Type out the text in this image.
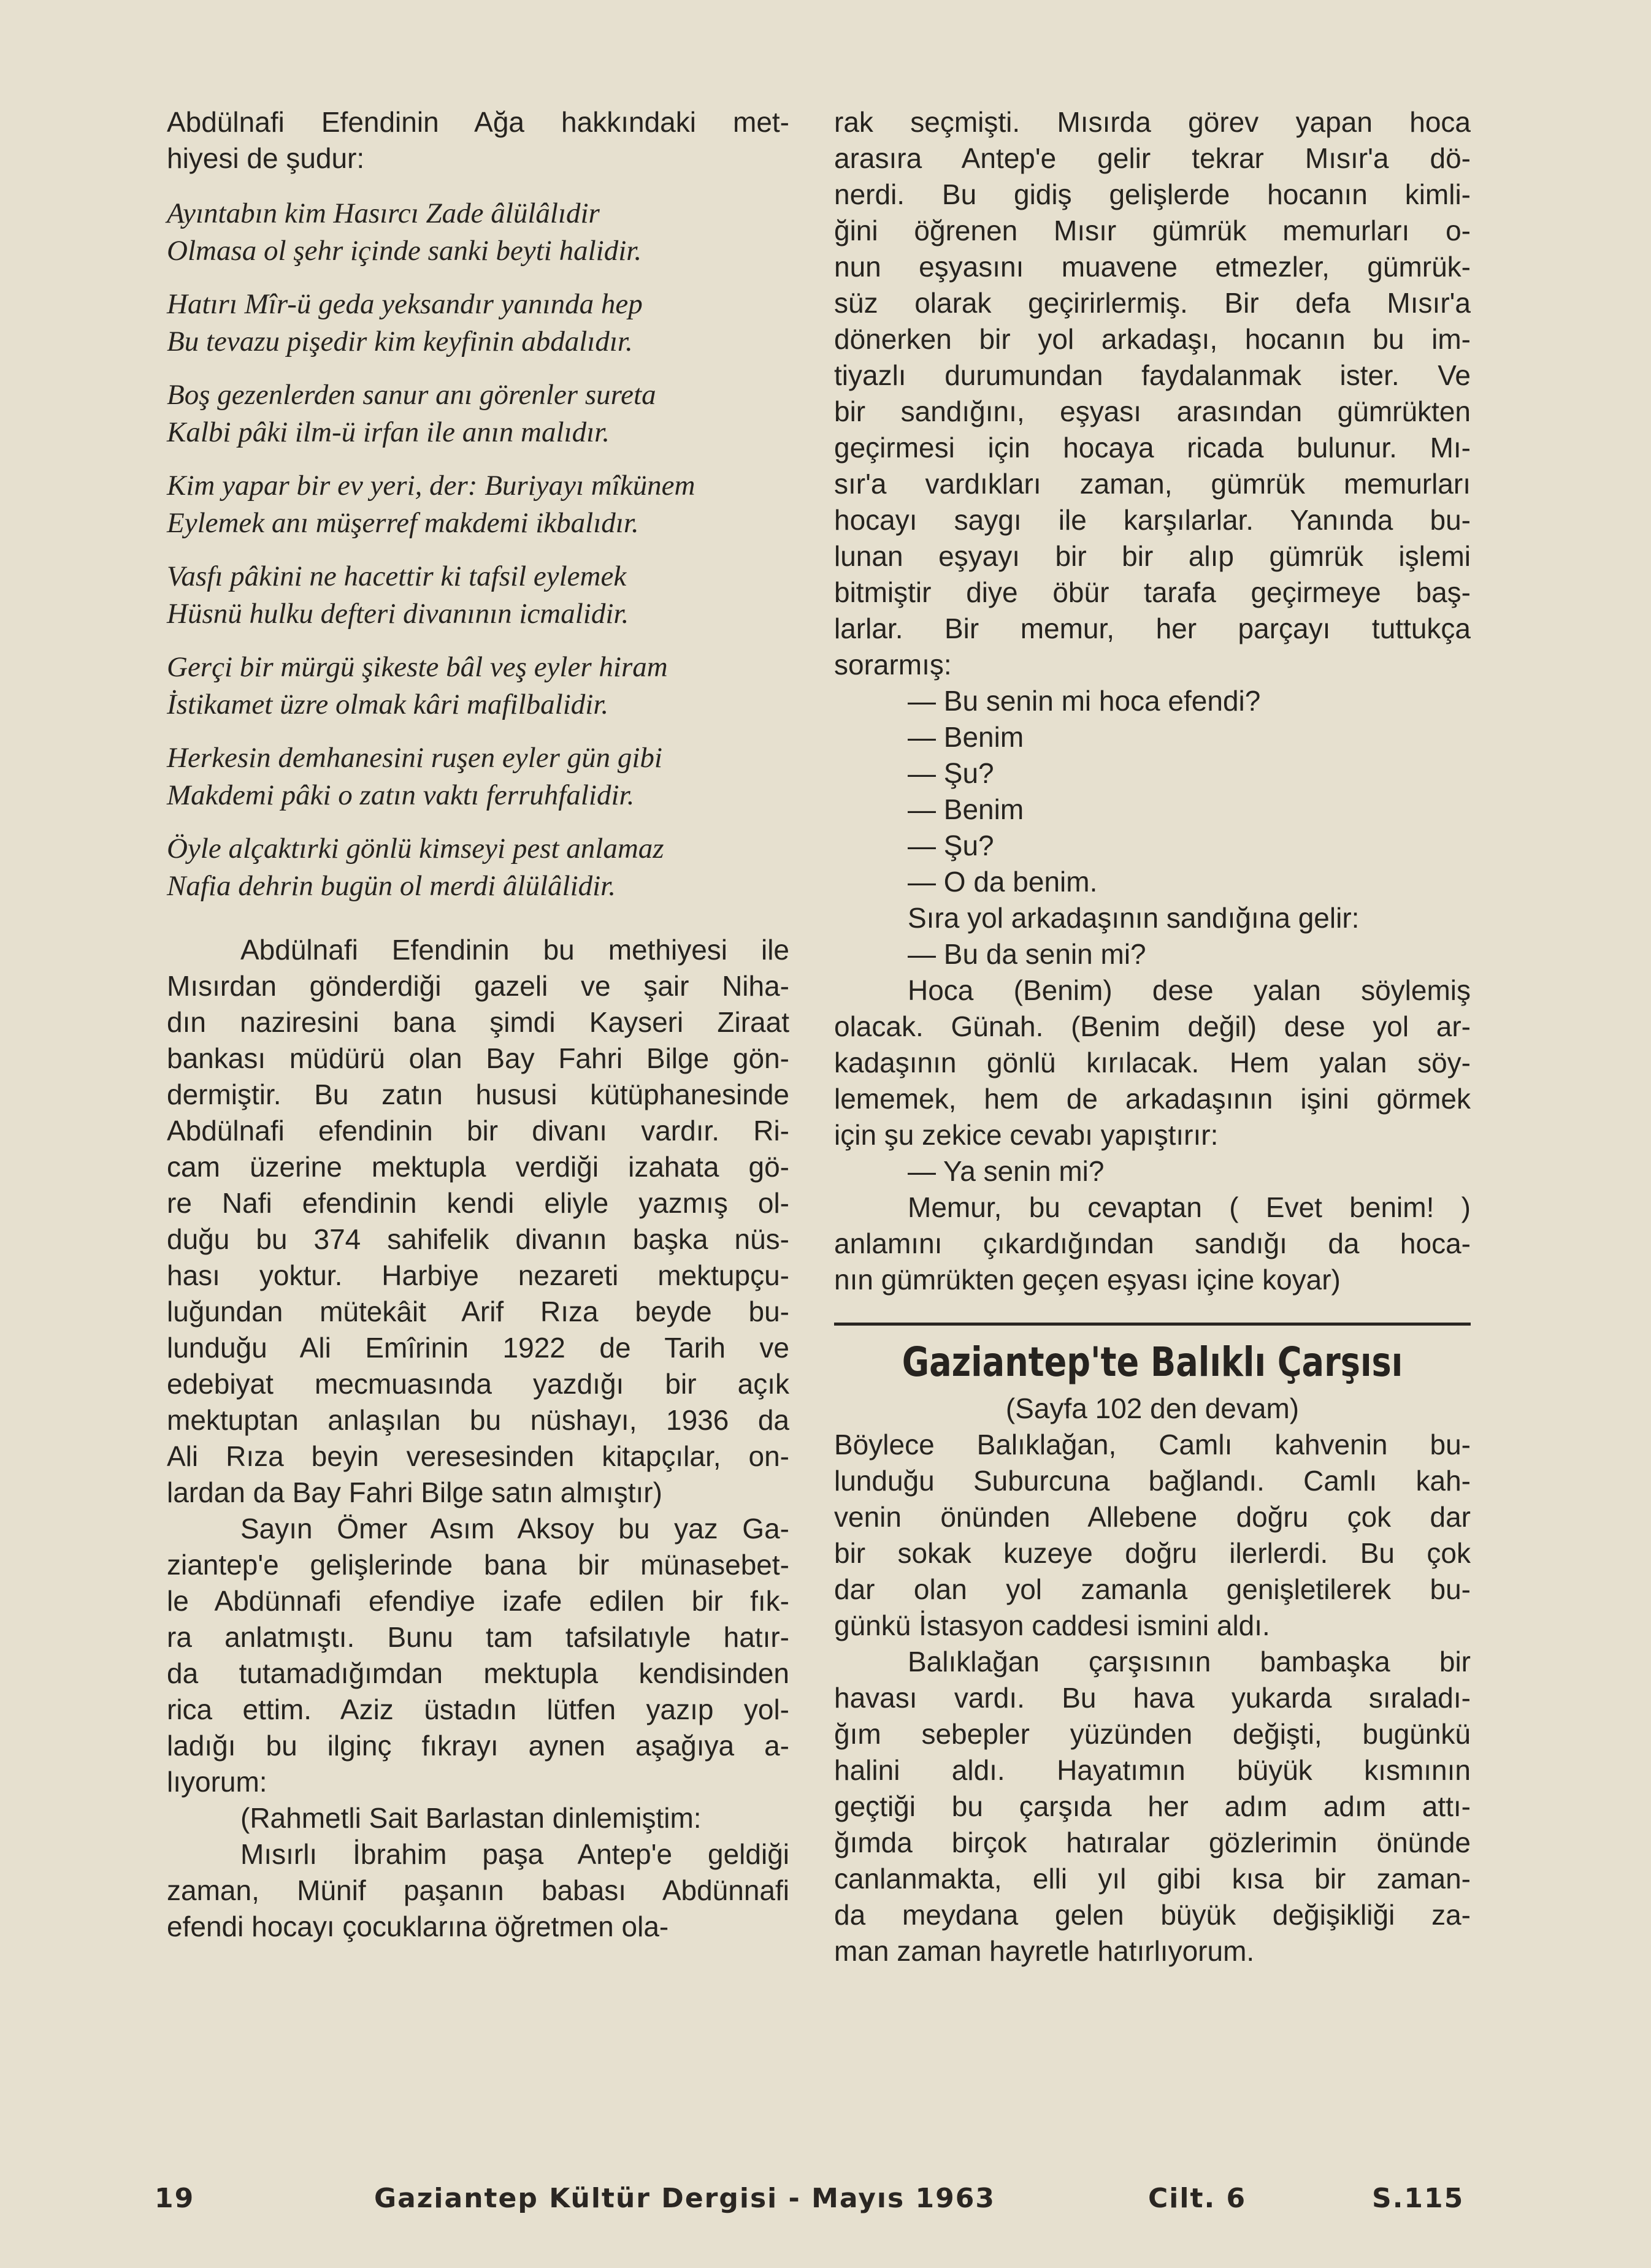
Abdülnafi Efendinin Ağa hakkındaki met-
hiyesi de şudur:
Ayıntabın kim Hasırcı Zade âlülâlıdir
Olmasa ol şehr içinde sanki beyti halidir.
Hatırı Mîr-ü geda yeksandır yanında hep
Bu tevazu pişedir kim keyfinin abdalıdır.
Boş gezenlerden sanur anı görenler sureta
Kalbi pâki ilm-ü irfan ile anın malıdır.
Kim yapar bir ev yeri, der: Buriyayı mîkünem
Eylemek anı müşerref makdemi ikbalıdır.
Vasfı pâkini ne hacettir ki tafsil eylemek
Hüsnü hulku defteri divanının icmalidir.
Gerçi bir mürgü şikeste bâl veş eyler hiram
İstikamet üzre olmak kâri mafilbalidir.
Herkesin demhanesini ruşen eyler gün gibi
Makdemi pâki o zatın vaktı ferruhfalidir.
Öyle alçaktırki gönlü kimseyi pest anlamaz
Nafia dehrin bugün ol merdi âlülâlidir.
Abdülnafi Efendinin bu methiyesi ile
Mısırdan gönderdiği gazeli ve şair Niha-
dın naziresini bana şimdi Kayseri Ziraat
bankası müdürü olan Bay Fahri Bilge gön-
dermiştir. Bu zatın hususi kütüphanesinde
Abdülnafi efendinin bir divanı vardır. Ri-
cam üzerine mektupla verdiği izahata gö-
re Nafi efendinin kendi eliyle yazmış ol-
duğu bu 374 sahifelik divanın başka nüs-
hası yoktur. Harbiye nezareti mektupçu-
luğundan mütekâit Arif Rıza beyde bu-
lunduğu Ali Emîrinin 1922 de Tarih ve
edebiyat mecmuasında yazdığı bir açık
mektuptan anlaşılan bu nüshayı, 1936 da
Ali Rıza beyin veresesinden kitapçılar, on-
lardan da Bay Fahri Bilge satın almıştır)
Sayın Ömer Asım Aksoy bu yaz Ga-
ziantep'e gelişlerinde bana bir münasebet-
le Abdünnafi efendiye izafe edilen bir fık-
ra anlatmıştı. Bunu tam tafsilatıyle hatır-
da tutamadığımdan mektupla kendisinden
rica ettim. Aziz üstadın lütfen yazıp yol-
ladığı bu ilginç fıkrayı aynen aşağıya a-
lıyorum:
(Rahmetli Sait Barlastan dinlemiştim:
Mısırlı İbrahim paşa Antep'e geldiği
zaman, Münif paşanın babası Abdünnafi
efendi hocayı çocuklarına öğretmen ola-
rak seçmişti. Mısırda görev yapan hoca
arasıra Antep'e gelir tekrar Mısır'a dö-
nerdi. Bu gidiş gelişlerde hocanın kimli-
ğini öğrenen Mısır gümrük memurları o-
nun eşyasını muavene etmezler, gümrük-
süz olarak geçirirlermiş. Bir defa Mısır'a
dönerken bir yol arkadaşı, hocanın bu im-
tiyazlı durumundan faydalanmak ister. Ve
bir sandığını, eşyası arasından gümrükten
geçirmesi için hocaya ricada bulunur. Mı-
sır'a vardıkları zaman, gümrük memurları
hocayı saygı ile karşılarlar. Yanında bu-
lunan eşyayı bir bir alıp gümrük işlemi
bitmiştir diye öbür tarafa geçirmeye baş-
larlar. Bir memur, her parçayı tuttukça
sorarmış:
— Bu senin mi hoca efendi?
— Benim
— Şu?
— Benim
— Şu?
— O da benim.
Sıra yol arkadaşının sandığına gelir:
— Bu da senin mi?
Hoca (Benim) dese yalan söylemiş
olacak. Günah. (Benim değil) dese yol ar-
kadaşının gönlü kırılacak. Hem yalan söy-
lememek, hem de arkadaşının işini görmek
için şu zekice cevabı yapıştırır:
— Ya senin mi?
Memur, bu cevaptan ( Evet benim! )
anlamını çıkardığından sandığı da hoca-
nın gümrükten geçen eşyası içine koyar)
Gaziantep'te Balıklı Çarşısı
(Sayfa 102 den devam)
Böylece Balıklağan, Camlı kahvenin bu-
lunduğu Suburcuna bağlandı. Camlı kah-
venin önünden Allebene doğru çok dar
bir sokak kuzeye doğru ilerlerdi. Bu çok
dar olan yol zamanla genişletilerek bu-
günkü İstasyon caddesi ismini aldı.
Balıklağan çarşısının bambaşka bir
havası vardı. Bu hava yukarda sıraladı-
ğım sebepler yüzünden değişti, bugünkü
halini aldı. Hayatımın büyük kısmının
geçtiği bu çarşıda her adım adım attı-
ğımda birçok hatıralar gözlerimin önünde
canlanmakta, elli yıl gibi kısa bir zaman-
da meydana gelen büyük değişikliği za-
man zaman hayretle hatırlıyorum.
19	Gaziantep Kültür Dergisi - Mayıs 1963	Cilt. 6	S.115
